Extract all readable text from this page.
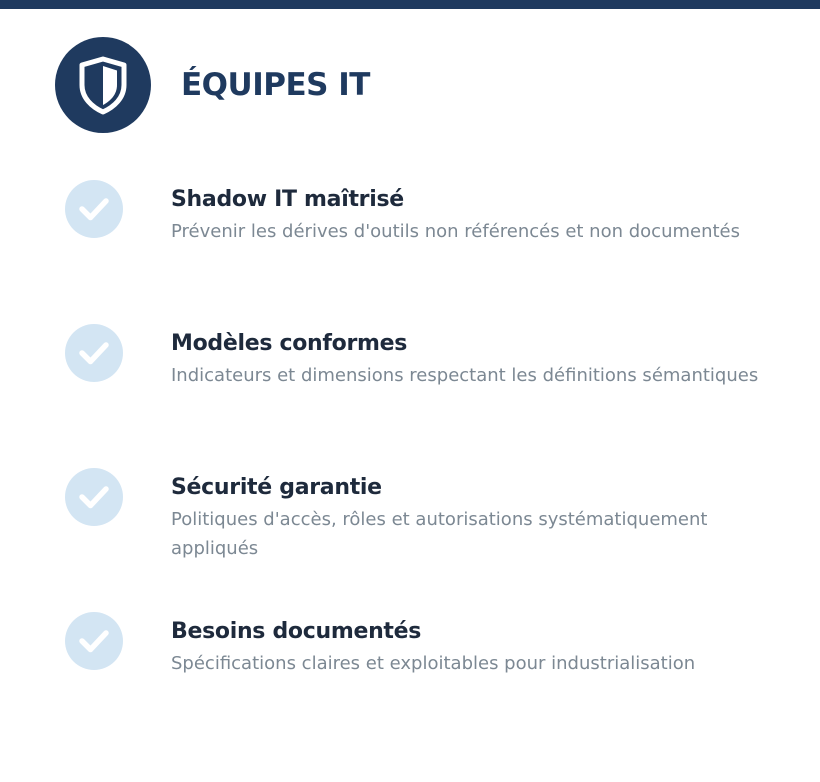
ÉQUIPES IT
Shadow IT maîtrisé
Prévenir les dérives d'outils non référencés et non documentés
Modèles conformes
Indicateurs et dimensions respectant les définitions sémantiques
Sécurité garantie
Politiques d'accès, rôles et autorisations systématiquement appliqués
Besoins documentés
Spécifications claires et exploitables pour industrialisation
